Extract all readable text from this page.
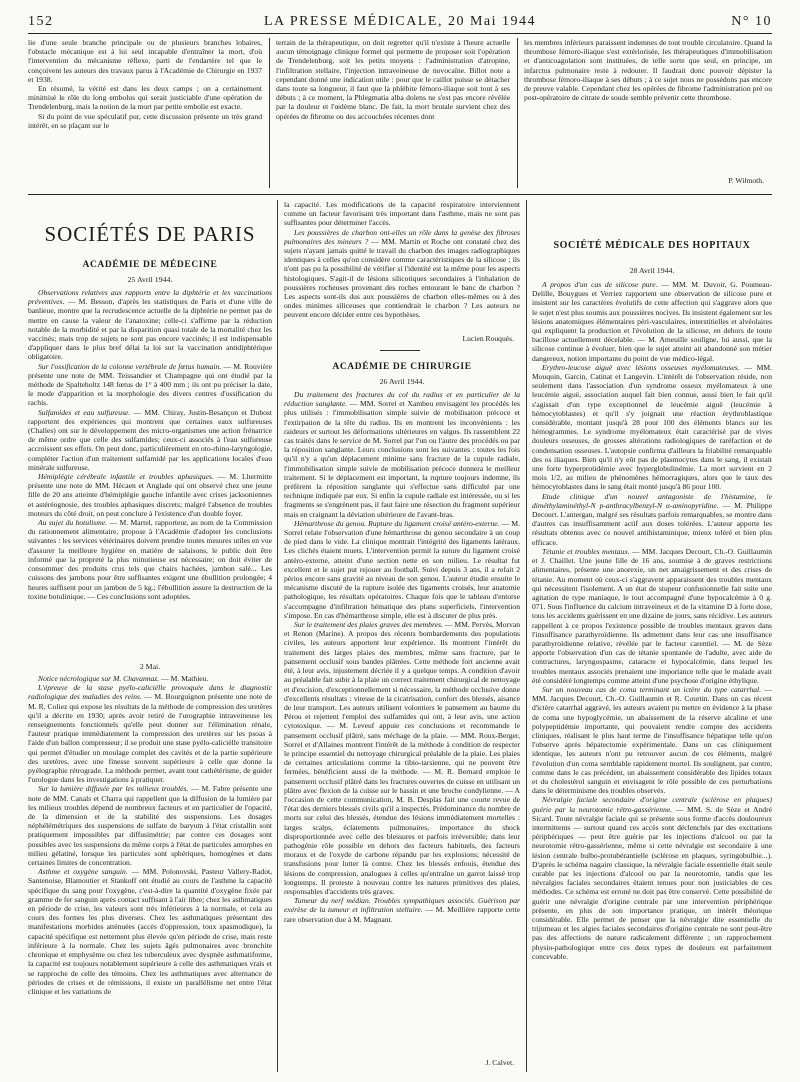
152	LA PRESSE MÉDICALE, 20 Mai 1944	N° 10

lie d'une seule branche principale ou de plusieurs branches lobaires, l'obstacle mécanique est à lui seul incapable d'entraîner la mort, d'où l'intervention du mécanisme réflexe, parti de l'endartère tel que le conçoivent les auteurs des travaux parus à l'Académie de Chirurgie en 1937 et 1938.

En résumé, la vérité est dans les deux camps ; on a certainement minimisé le rôle du long embolus qui serait justiciable d'une opération de Trendelenburg, mais la notion de la mort par petite embolie est exacte.

Si du point de vue spéculatif pur, cette discussion présente un très grand intérêt, en se plaçant sur le

terrain de la thérapeutique, on doit regretter qu'il n'existe à l'heure actuelle aucun témoignage clinique formel qui permette de proposer soit l'opération de Trendelenburg, soit les petits moyens : l'administration d'atropine, l'infiltration stellaire, l'injection intraveineuse de novocaïne. Billot note a cependant donné une indication utile : pour que le caillot puisse se détacher dans toute sa longueur, il faut que la phlébite fémoro-iliaque soit tout à ses débuts ; à ce moment, la Phlegmatia alba dolens ne s'est pas encore révélée par la douleur et l'œdème blanc. De fait, la mort brutale survient chez des opérées de fibrome ou des accouchées récentes dont

les membres inférieurs paraissent indemnes de tout trouble circulatoire. Quand la thrombose fémoro-iliaque s'est extériorisée, les thérapeutiques d'immobilisation et d'anticoagulation sont instituées, de telle sorte que seul, en principe, un infarctus pulmonaire reste à redouter. Il faudrait donc pouvoir dépister la thrombose fémoro-iliaque à ses débuts ; à ce sujet nous ne possédons pas encore de preuve valable. Cependant chez les opérées de fibrome l'administration pré ou post-opératoire de citrate de soude semble prévenir cette thrombose.

P. Wilmoth.
SOCIÉTÉS DE PARIS
ACADÉMIE DE MÉDECINE
25 Avril 1944.

Observations relatives aux rapports entre la diphtérie et les vaccinations préventives. — M. Besson, d'après les statistiques de Paris et d'une ville de banlieue, montre que la recrudescence actuelle de la diphtérie ne permet pas de mettre en cause la valeur de l'anatoxine; celle-ci s'affirme par la réduction notable de la morbidité et par la disparition quasi totale de la mortalité chez les vaccinés; mais trop de sujets ne sont pas encore vaccinés; il est indispensable d'appliquer dans le plus bref délai la loi sur la vaccination antidiphtérique obligatoire.

Sur l'ossification de la colonne vertébrale de fœtus humain. — M. Rouvière présente une note de MM. Teissandier et Champagne qui ont étudié par la méthode de Spalteholtz 148 fœtus de 1° à 400 mm ; ils ont pu préciser la date, le mode d'apparition et la morphologie des divers centres d'ossification du rachis.

Sulfamides et eau sulfureuse. — MM. Chiray, Justin-Besançon et Dubost rapportent des expériences qui montrent que certaines eaux sulfureuses (Challes) ont sur le développement des micro-organismes une action frénatrice de même ordre que celle des sulfamides; ceux-ci associés à l'eau sulfureuse accroissent ses effets. On peut donc, particulièrement en oto-rhino-laryngologie, compléter l'action d'un traitement sulfamidé par les applications locales d'eau minérale sulfureuse.

Hémiplégie cérébrale infantile et troubles aphasiques. — M. Lhermitte présente une note de MM. Hécaen et Anglade qui ont observé chez une jeune fille de 20 ans atteinte d'hémiplégie gauche infantile avec crises jacksoniennes et astéréognosie, des troubles aphasiques discrets; malgré l'absence de troubles moteurs du côté droit, on peut conclure à l'existence d'un double foyer.

Au sujet du botulisme. — M. Martel, rapporteur, au nom de la Commission du rationnement alimentaire, propose à l'Académie d'adopter les conclusions suivantes : les services vétérinaires doivent prendre toutes mesures utiles en vue d'assurer la meilleure hygiène en matière de salaisons, le public doit être informé que la propreté la plus minutieuse est nécessaire; on doit éviter de consommer des produits crus tels que chairs hachées, jambon salé... Les cuissons des jambons pour être suffisantes exigent une ébullition prolongée; 4 heures suffisent pour un jambon de 5 kg.; l'ébullition assure la destruction de la toxine botulinique. — Ces conclusions sont adoptées.

2 Mai.

Notice nécrologique sur M. Chavannaz. — M. Mathieu.

L'épreuve de la stase pyélo-caliciélle provoquée dans le diagnostic radiologique des maladies des reins. — M. Bourguignon présente une note de M. R. Coliez qui expose les résultats de la méthode de compression des uretères qu'il a décrite en 1930; après avoir retiré de l'urographie intraveineuse les renseignements fonctionnels qu'elle peut donner sur l'élimination rénale, l'auteur pratique immédiatement la compression des uretères sur les psoas à l'aide d'un ballon compresseur; il se produit une stase pyélo-caliciélle transitoire qui permet d'étudier un moulage complet des cavités et de la partie supérieure des uretères, avec une finesse souvent supérieure à celle que donne la pyélographie rétrograde. La méthode permet, avant tout cathétérisme, de guider l'urologue dans les investigations à pratiquer.

Sur la lumière diffusée par les milieux troublés. — M. Fabre présente une note de MM. Canals et Charra qui rappellent que la diffusion de la lumière par les milieux troubles dépend de nombreux facteurs et en particulier de l'opacité, de la dimension et de la stabilité des suspensions. Les dosages néphélémétriques des suspensions de sulfate de baryum à l'état cristallin sont pratiquement impossibles par diffusimétrie; par contre ces dosages sont possibles avec les suspensions du même corps à l'état de particules amorphes en milieu gélatiné, lorsque les particules sont sphériques, homogènes et dans certaines limites de concentration.

Asthme et oxygène sanguin. — MM. Polonovski, Pasteur Vallery-Radot, Santenoise, Blamoutier et Stankoff ont étudié au cours de l'asthme la capacité spécifique du sang pour l'oxygène, c'est-à-dire la quantité d'oxygène fixée par gramme de fer sanguin après contact suffisant à l'air libre; chez les asthmatiques en période de crise, les valeurs sont très inférieures à la normale, et cela au cours des formes les plus diverses. Chez les asthmatiques présentant des manifestations morbides atténuées (accès d'oppression, toux spasmodique), la capacité spécifique est nettement plus élevée qu'en période de crise, mais reste inférieure à la normale. Chez les sujets âgés pulmonaires avec bronchite chronique et emphysème ou chez les tuberculeux avec dyspnée asthmatiforme, la capacité est toujours notablement supérieure à celle des asthmatiques vrais et se rapproche de celle des témoins. Chez les asthmatiques avec alternance de périodes de crises et de rémissions, il existe un parallélisme net entre l'état clinique et les variations de

la capacité. Les modifications de la capacité respiratoire interviennent comme un facteur favorisant très important dans l'asthme, mais ne sont pas suffisantes pour déterminer l'accès.

Les poussières de charbon ont-elles un rôle dans la genèse des fibroses pulmonaires des mineurs ? — MM. Martin et Roche ont constaté chez des sujets n'ayant jamais quitté le travail du charbon des images radiographiques identiques à celles qu'on considère comme caractéristiques de la silicose ; ils n'ont pas pu la possibilité de vérifier si l'identité est la même pour les aspects histologiques. S'agit-il de lésions silicotiques secondaires à l'inhalation de poussières rocheuses provenant des roches entourant le banc de charbon ? Les aspects sont-ils dus aux poussières de charbon elles-mêmes ou à des ondes minimes siliceuses que contiendrait le charbon ? Les auteurs ne peuvent encore décider entre ces hypothèses.

Lucien Rouquès.
ACADÉMIE DE CHIRURGIE
26 Avril 1944.

Du traitement des fractures du col du radius et en particulier de la réduction sanglante. — MM. Sorrel et Xambeu envisagent les procédés les plus utilisés : l'immobilisation simple suivie de mobilisation précoce et l'extirpation de la tête du radius. Ils en montrent les inconvénients : les raideurs et surtout les déformations ultérieures en valgus. Ils rassemblent 22 cas traités dans le service de M. Sorrel par l'un ou l'autre des procédés ou par la réposition sanglante. Leurs conclusions sont les suivantes : toutes les fois qu'il n'y a qu'un déplacement minime sans fracture de la cupule radiale, l'immobilisation simple suivie de mobilisation précoce donnera le meilleur traitement. Si le déplacement est important, la rupture toujours indemne, ils préfèrent la réposition sanglante qui s'effectue sans difficulté par une technique indiquée par eux. Si enfin la cupule radiale est intéressée, ou si les fragments se s'engrènent pas, il faut faire une résection du fragment supérieur mais en craignant la déviation ultérieure de l'avant-bras.

Hémarthrose du genou. Rupture du ligament croisé antéro-externe. — M. Sorrel relate l'observation d'une hémarthrose du genou secondaire à un coup de pied dans le vide. La clinique montrait l'intégrité des ligaments latéraux. Les clichés étaient muets. L'intervention permit la suture du ligament croisé antéro-externe, atteint d'une section nette en son milieu. Le résultat fut excellent et le sujet put rejouer au football. Suivi depuis 3 ans, il a refait 2 périos encore sans gravité au niveau de son genou. L'auteur étudie ensuite le mécanisme discuté de la rupture isolée des ligaments croisés, leur anatomie pathologique, les résultats opératoires. Chaque fois que le tableau d'entorse s'accompagne d'infiltration hématique des plans superficiels, l'intervention s'impose. En cas d'hémarthrose simple, elle est à discuter de plus près.

Sur le traitement des plaies graves des membres. — MM. Pervès, Morvan et Renon (Marine). A propos des récents bombardements des populations civiles, les auteurs apportent leur expérience. Ils montrent l'intérêt du traitement des larges plaies des membres, même sans fracture, par le pansement occlusif sous bandes plâtrées. Cette méthode fort ancienne avait été, à leur avis, injustement décriée il y a quelque temps. A condition d'avoir au préalable fait subir à la plaie un correct traitement chirurgical de nettoyage et d'excision, d'exceptionnellement si nécessaire, la méthode occlusive donne d'excellents résultats : vitesse de la cicatrisation, confort des blessés, aisance de leur transport. Les auteurs utilisent volontiers le pansement au baume du Pérou et rejettent l'emploi des sulfamides qui ont, à leur avis, une action cytotoxique. — M. Leveuf appuie ces conclusions et recommande le pansement occlusif plâtré, sans méchage de la plaie. — MM. Roux-Berger, Sorrel et d'Allaines montrent l'intérêt de la méthode à condition de respecter le principe essentiel du nettoyage chirurgical préalable de la plaie. Les plaies de certaines articulations comme la tibio-tarsienne, qui ne peuvent être fermées, bénéficient aussi de la méthode. — M. R. Bernard emploie le pansement occlusif plâtré dans les fractures ouvertes de cuisse en utilisant un plâtre avec flexion de la cuisse sur le bassin et une broche condylienne. — A l'occasion de cette communication, M. B. Desplas fait une courte revue de l'état des derniers blessés civils qu'il a inspectés. Prédominance du nombre de morts sur celui des blessés, étendue des lésions immédiatement mortelles : larges scalps, éclatements pulmonaires, importance du shock disproportionnée avec celle des blessures et parfois irréversible; dans leur pathogénie rôle possible en dehors des facteurs habituels, des facteurs moraux et de l'oxyde de carbone répandu par les explosions; nécessité de transfusions pour lutter là contre. Chez les blessés enfouis, étendue des lésions de compression, analogues à celles qu'entraîne un garrot laissé trop longtemps. Il proteste à nouveau contre les natures primitives des plaies, responsables d'accidents très graves.

Tumeur du nerf médian. Troubles sympathiques associés. Guérison par exérèse de la tumeur et infiltration stellaire. — M. Meillière rapporte cette rare observation due à M. Magnant.

J. Calvet.
SOCIÉTÉ MÉDICALE DES HOPITAUX
28 Avril 1944.

A propos d'un cas de silicose pure. — MM. M. Duvoir, G. Poumeau-Delille, Bouygues et Verriez rapportent une observation de silicose pure et insistent sur les caractères évolutifs de cette affection qui s'aggrave alors que le sujet n'est plus soumis aux poussières nocives. Ils insistent également sur les lésions anatomiques élémentaires péri-vasculaires, interstitielles et alvéolaires qui expliquent la production et l'évolution de la silicose, en dehors de toute bacillose actuellement décelable. — M. Ameuille souligne, lui aussi, que la silicose continue à évoluer, bien que le sujet atteint ait abandonné son métier dangereux, notion importante du point de vue médico-légal.

Erythro-leucose aiguë avec lésions osseuses myélomateuses. — MM. Mouquin, Garcin, Catinat et Langevin. L'intérêt de l'observation réside, non seulement dans l'association d'un syndrome osseux myélomateux à une leucémie aiguë, association auquel fait bien connue, aussi bien le fait qu'il s'agissait d'un type exceptionnel de leucémie aiguë (leucémie à hémocytoblastes) et qu'il s'y joignait une réaction érythroblastique considérable, montant jusqu'à 28 pour 100 des éléments blancs sur les hémogrammes. Le syndrome myélomateux était caractérisé par de vives douleurs osseuses, de grosses altérations radiologiques de raréfaction et de condensation osseuses. L'autopsie confirma d'ailleurs la friabilité remarquable des os iliaques. Bien qu'il n'y eût pas de plasmocytes dans le sang, il existait une forte hyperprotidémie avec hyperglobulinémie. La mort survient en 2 mois 1/2, au milieu de phénomènes hémorragiques, alors que le taux des hémocytoblastes dans le sang était monté jusqu'à 86 pour 100.

Etude clinique d'un nouvel antagoniste de l'histamine, le diméthylaminéthyl-N p-anthracylbenzyl-N α-aminopyridine. — M. Philippe Decourt. L'antergan, malgré ses résultats parfois remarquables, se montre dans d'autres cas insuffisamment actif aux doses tolérées. L'auteur apporte les résultats obtenus avec ce nouvel antihistaminique, mieux toléré et bien plus efficace.

Tétanie et troubles mentaux. — MM. Jacques Decourt, Ch.-O. Guillaumin et J. Chaillet. Une jeune fille de 16 ans, soumise à de graves restrictions alimentaires, présente une anorexie, un net amaigrissement et des crises de tétanie. Au moment où ceux-ci s'aggravent apparaissent des troubles mentaux qui nécessitent l'isolement. A un état de stupeur confusionnelle fait suite une agitation de type maniaque, le tout accompagné d'une hypocalcémie à 0 g. 071. Sous l'influence du calcium intraveineux et de la vitamine D à forte dose, tous les accidents guérissent en une dizaine de jours, sans récidive. Les auteurs rappellent à ce propos l'existence possible de troubles mentaux graves dans l'insuffisance parathyroïdienne. Ils admettent dans leur cas une insuffisance parathyroïdienne relative, révélée par le facteur carentiel. — M. de Sèze apporte l'observation d'un cas de tétanie spontanée de l'adulte, avec aide de contractures, laryngospasme, cataracte et hypocalcémie, dans lequel les troubles mentaux associés prenaient une importance telle que le malade avait été considéré longtemps comme atteint d'une psychose d'origine éthylique.

Sur un nouveau cas de coma terminant un ictère du type catarrhal. — MM. Jacques Decourt, Ch.-O. Guillaumin et R. Courtin. Dans un cas récent d'ictère catarrhal aggravé, les auteurs avaient pu mettre en évidence à la phase de coma une hypoglycémie, un abaissement de la réserve alcaline et une polypeptidémie importante, qui pouvaient rendre compte des accidents cliniques, réalisant le plus haut terme de l'insuffisance hépatique telle qu'on l'observe après hépatectomie expérimentale. Dans un cas cliniquement identique, les auteurs n'ont pu retrouver aucun de ces éléments, malgré l'évolution d'un coma semblable rapidement mortel. Ils soulignent, par contre, comme dans le cas précédent, un abaissement considérable des lipides totaux et du cholestérol sanguin et envisagent le rôle possible de ces perturbations dans le déterminisme des troubles observés.

Névralgie faciale secondaire d'origine centrale (sclérose en plaques) guérie par la neurotomie rétro-gassérienne. — MM. S. de Sèze et André Sicard. Toute névralgie faciale qui se présente sous forme d'accès douloureux intermittents — surtout quand ces accès sont déclenchés par des excitations périphériques — peut être guérie par les injections d'alcool ou par la neurotomie rétro-gassérienne, même si cette névralgie est secondaire à une lésion centrale bulbo-protubérantielle (sclérose en plaques, syringobulbie...). D'après le schéma nagaire classique, la névralgie faciale essentielle était seule curable par les injections d'alcool ou par la neurotomie, tandis que les névralgies faciales secondaires étaient tenues pour non justiciables de ces méthodes. Ce schéma est erroné ne doit pas être conservé. Cette possibilité de guérir une névralgie d'origine centrale par une intervention périphérique présente, en plus de son importance pratique, un intérêt théorique considérable. Elle permet de penser que la névralgie dite essentielle du trijumeau et les algies faciales secondaires d'origine centrale ne sont peut-être pas des affections de nature radicalement différente ; un rapprochement physio-pathologique entre ces deux types de douleurs est parfaitement concevable.
